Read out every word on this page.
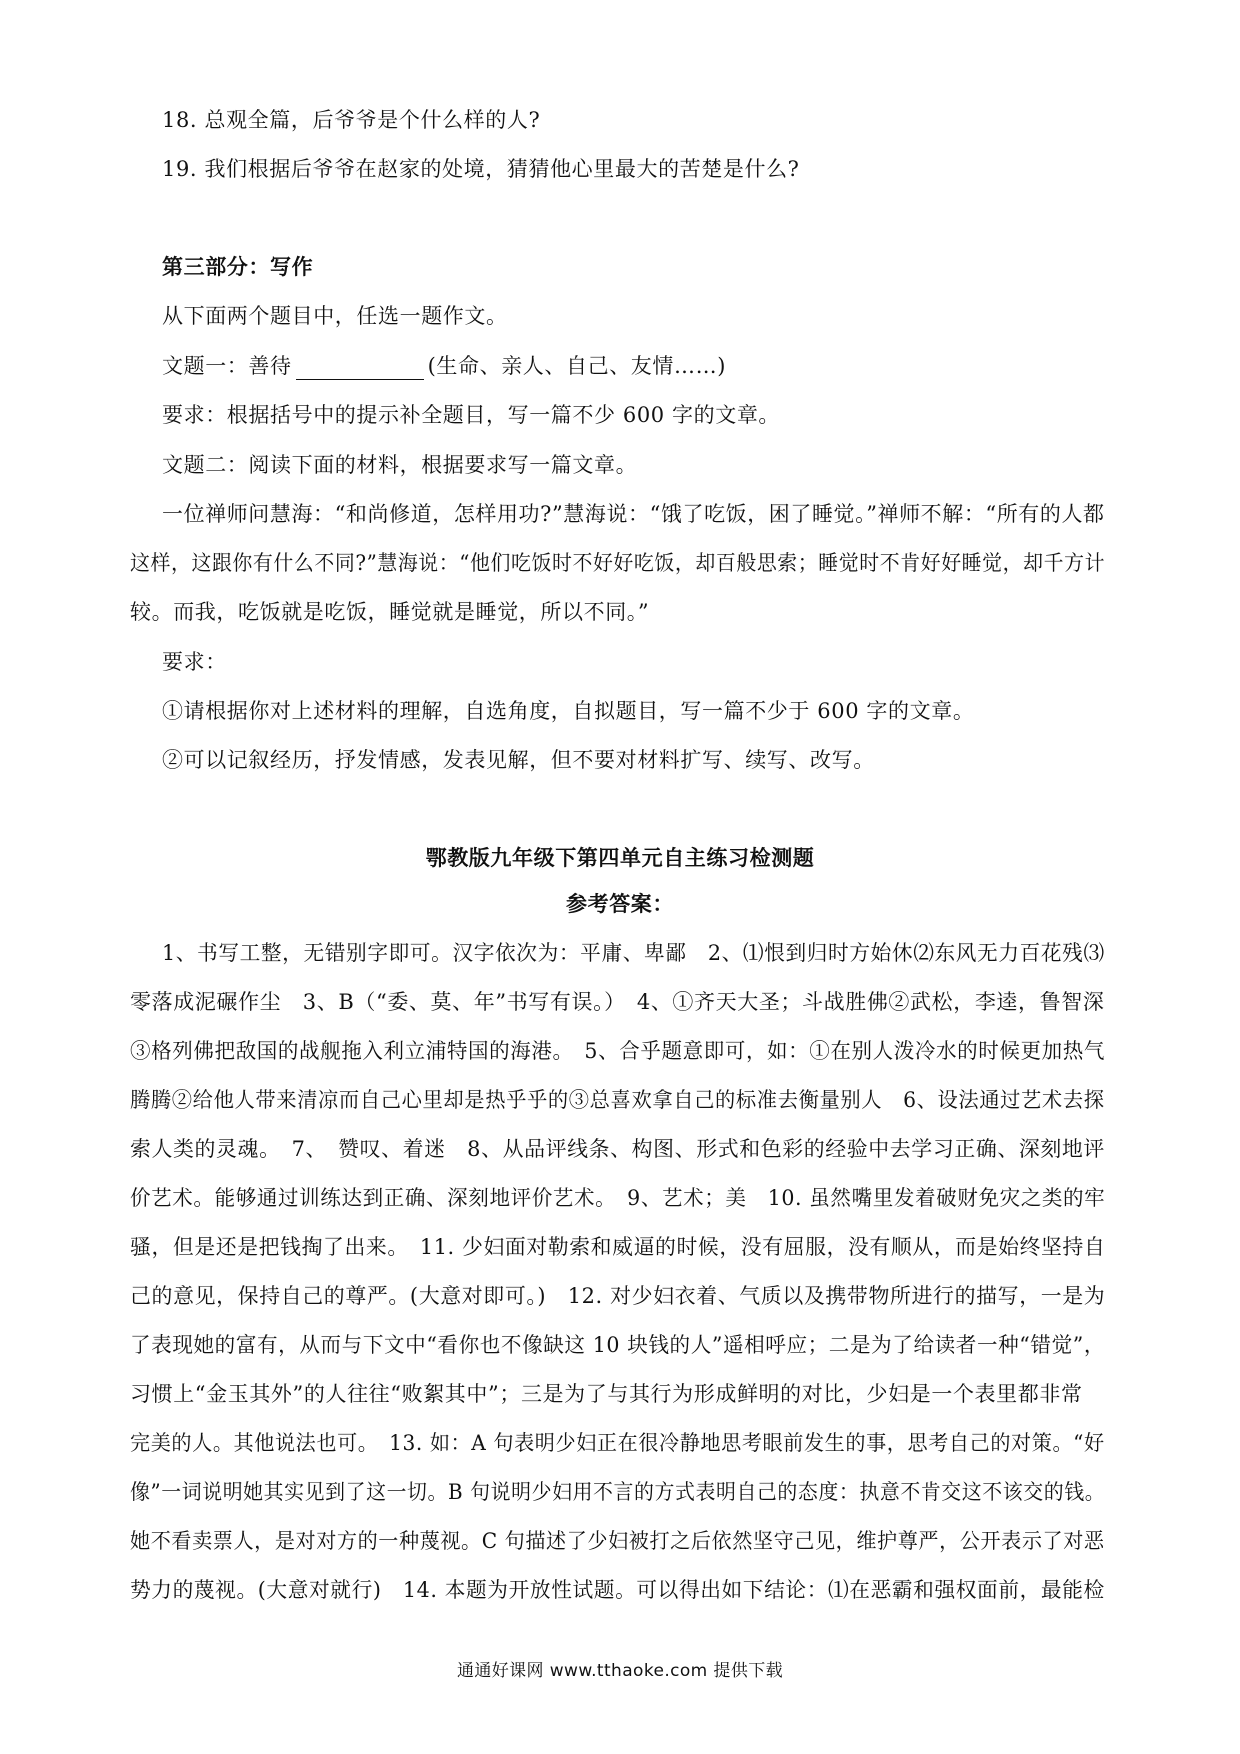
18. 总观全篇，后爷爷是个什么样的人?
19. 我们根据后爷爷在赵家的处境，猜猜他心里最大的苦楚是什么?
第三部分：写作
从下面两个题目中，任选一题作文。
文题一：善待	(生命、亲人、自己、友情……)
要求：根据括号中的提示补全题目，写一篇不少 600 字的文章。
文题二：阅读下面的材料，根据要求写一篇文章。
一位禅师问慧海：“和尚修道，怎样用功?”慧海说：“饿了吃饭，困了睡觉。”禅师不解：“所有的人都
这样，这跟你有什么不同?”慧海说：“他们吃饭时不好好吃饭，却百般思索；睡觉时不肯好好睡觉，却千方计
较。而我，吃饭就是吃饭，睡觉就是睡觉，所以不同。”
要求：
①请根据你对上述材料的理解，自选角度，自拟题目，写一篇不少于 600 字的文章。
②可以记叙经历，抒发情感，发表见解，但不要对材料扩写、续写、改写。
鄂教版九年级下第四单元自主练习检测题
参考答案：
1、书写工整，无错别字即可。汉字依次为：平庸、卑鄙　2、⑴恨到归时方始休⑵东风无力百花残⑶
零落成泥碾作尘　3、B（“委、莫、年”书写有误。）　4、①齐天大圣；斗战胜佛②武松，李逵，鲁智深
③格列佛把敌国的战舰拖入利立浦特国的海港。　5、合乎题意即可，如：①在别人泼冷水的时候更加热气
腾腾②给他人带来清凉而自己心里却是热乎乎的③总喜欢拿自己的标准去衡量别人　6、设法通过艺术去探
索人类的灵魂。　7、　赞叹、着迷　8、从品评线条、构图、形式和色彩的经验中去学习正确、深刻地评
价艺术。能够通过训练达到正确、深刻地评价艺术。　9、艺术；美　10. 虽然嘴里发着破财免灾之类的牢
骚，但是还是把钱掏了出来。　11. 少妇面对勒索和威逼的时候，没有屈服，没有顺从，而是始终坚持自
己的意见，保持自己的尊严。(大意对即可。)　12. 对少妇衣着、气质以及携带物所进行的描写，一是为
了表现她的富有，从而与下文中“看你也不像缺这 10 块钱的人”遥相呼应；二是为了给读者一种“错觉”，
习惯上“金玉其外”的人往往“败絮其中”；三是为了与其行为形成鲜明的对比，少妇是一个表里都非常
完美的人。其他说法也可。　13. 如：A 句表明少妇正在很冷静地思考眼前发生的事，思考自己的对策。“好
像”一词说明她其实见到了这一切。B 句说明少妇用不言的方式表明自己的态度：执意不肯交这不该交的钱。
她不看卖票人，是对对方的一种蔑视。C 句描述了少妇被打之后依然坚守己见，维护尊严，公开表示了对恶
势力的蔑视。(大意对就行)　14. 本题为开放性试题。可以得出如下结论：⑴在恶霸和强权面前，最能检
通通好课网 www.tthaoke.com 提供下载
